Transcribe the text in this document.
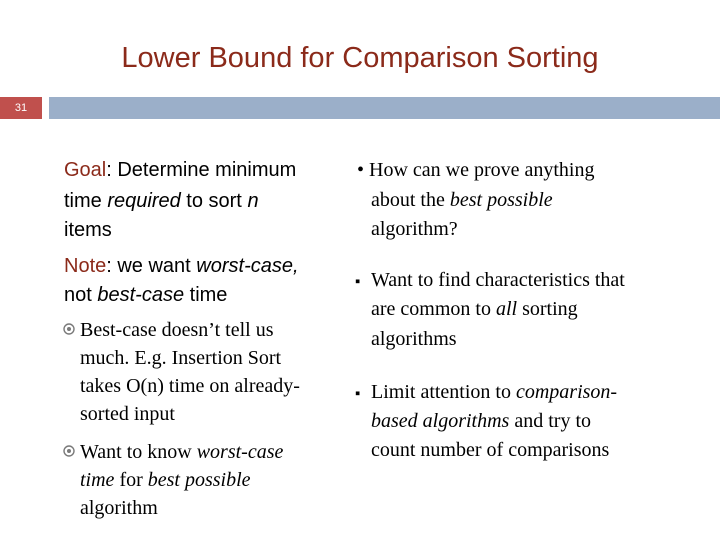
Lower Bound for Comparison Sorting
31
Goal: Determine minimum
time required to sort n
items
Note: we want worst-case,
not best-case time
Best-case doesn’t tell us
much. E.g. Insertion Sort
takes O(n) time on already-
sorted input
Want to know worst-case
time for best possible
algorithm
• How can we prove anything
about the best possible
algorithm?
▪ Want to find characteristics that
are common to all sorting
algorithms
▪ Limit attention to comparison-
based algorithms and try to
count number of comparisons
